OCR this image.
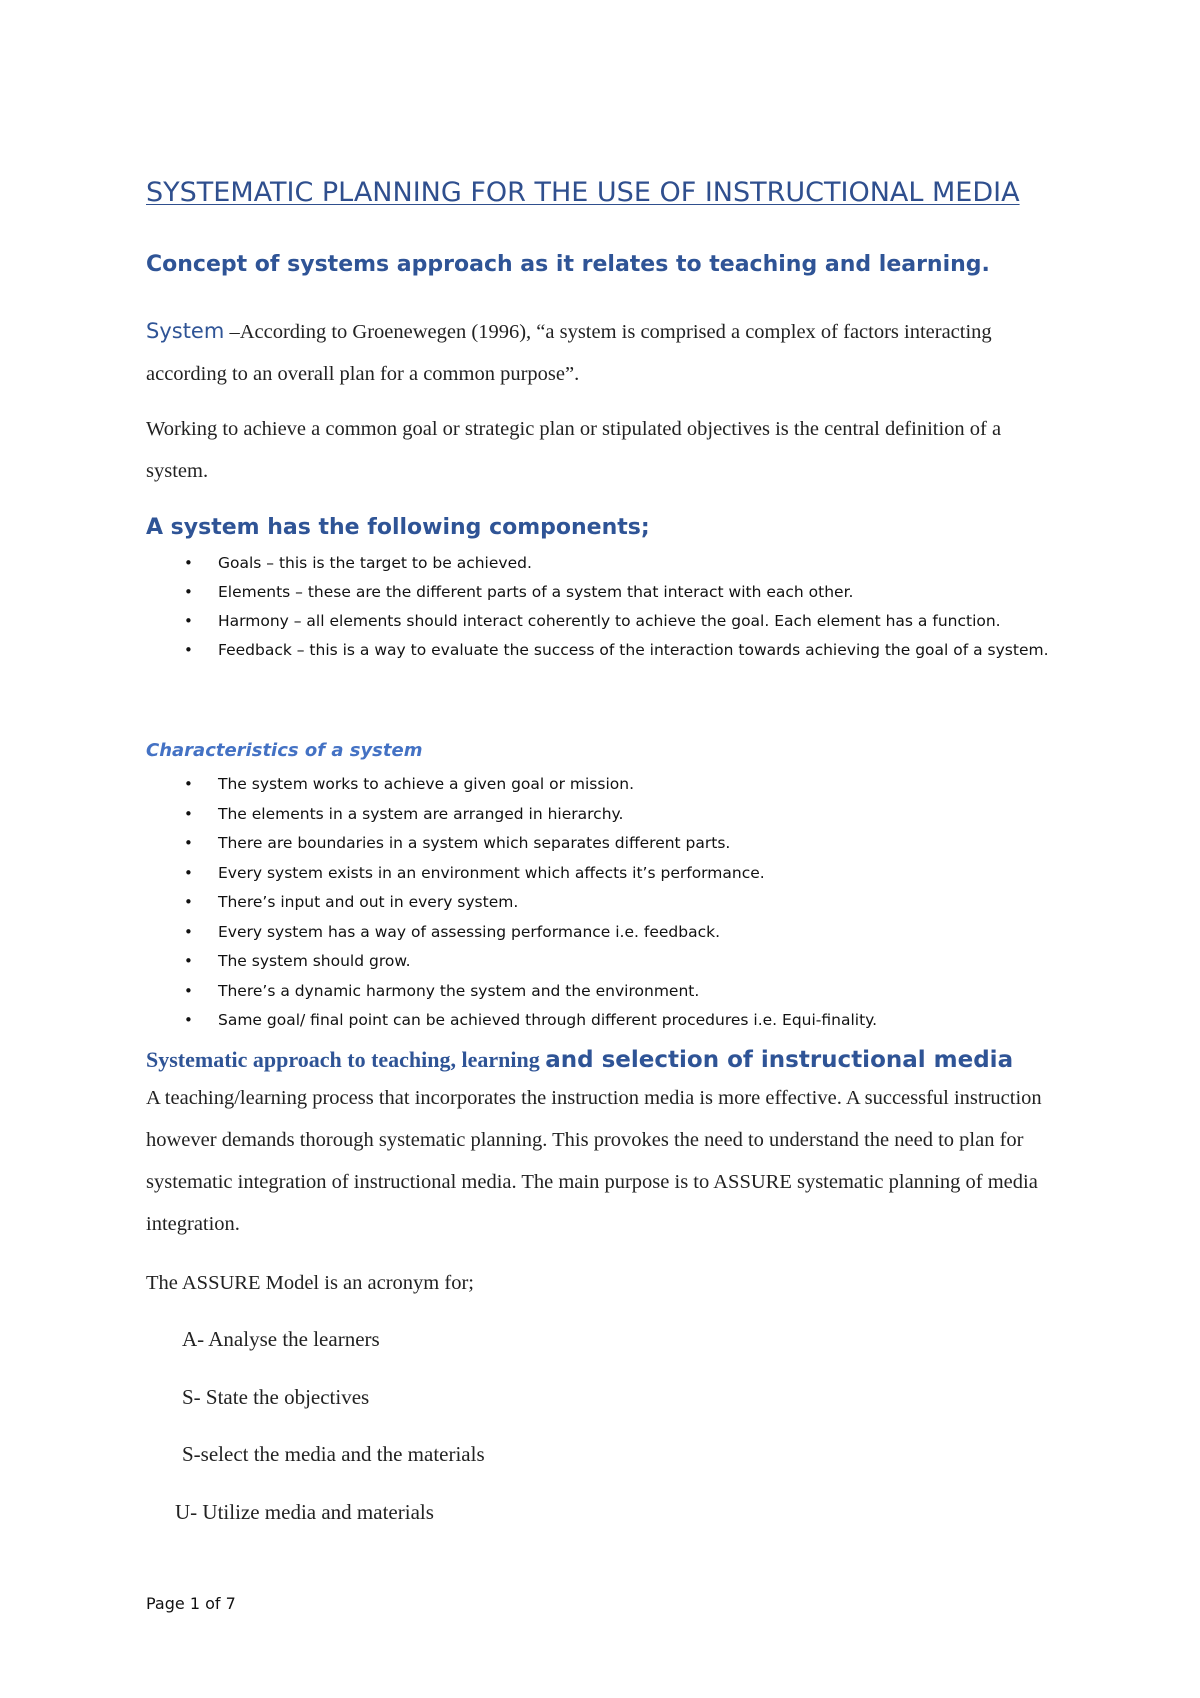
SYSTEMATIC PLANNING FOR THE USE OF INSTRUCTIONAL MEDIA
Concept of systems approach as it relates to teaching and learning.

System –According to Groenewegen (1996), “a system is comprised a complex of factors interacting according to an overall plan for a common purpose”.

Working to achieve a common goal or strategic plan or stipulated objectives is the central definition of a system.

A system has the following components;
• Goals – this is the target to be achieved.
• Elements – these are the different parts of a system that interact with each other.
• Harmony – all elements should interact coherently to achieve the goal. Each element has a function.
• Feedback – this is a way to evaluate the success of the interaction towards achieving the goal of a system.
Characteristics of a system
• The system works to achieve a given goal or mission.
• The elements in a system are arranged in hierarchy.
• There are boundaries in a system which separates different parts.
• Every system exists in an environment which affects it’s performance.
• There’s input and out in every system.
• Every system has a way of assessing performance i.e. feedback.
• The system should grow.
• There’s a dynamic harmony the system and the environment.
• Same goal/ final point can be achieved through different procedures i.e. Equi-finality.
Systematic approach to teaching, learning and selection of instructional media

A teaching/learning process that incorporates the instruction media is more effective. A successful instruction however demands thorough systematic planning. This provokes the need to understand the need to plan for systematic integration of instructional media. The main purpose is to ASSURE systematic planning of media integration.

The ASSURE Model is an acronym for;

A- Analyse the learners
S- State the objectives
S-select the media and the materials
U- Utilize media and materials
Page 1 of 7
